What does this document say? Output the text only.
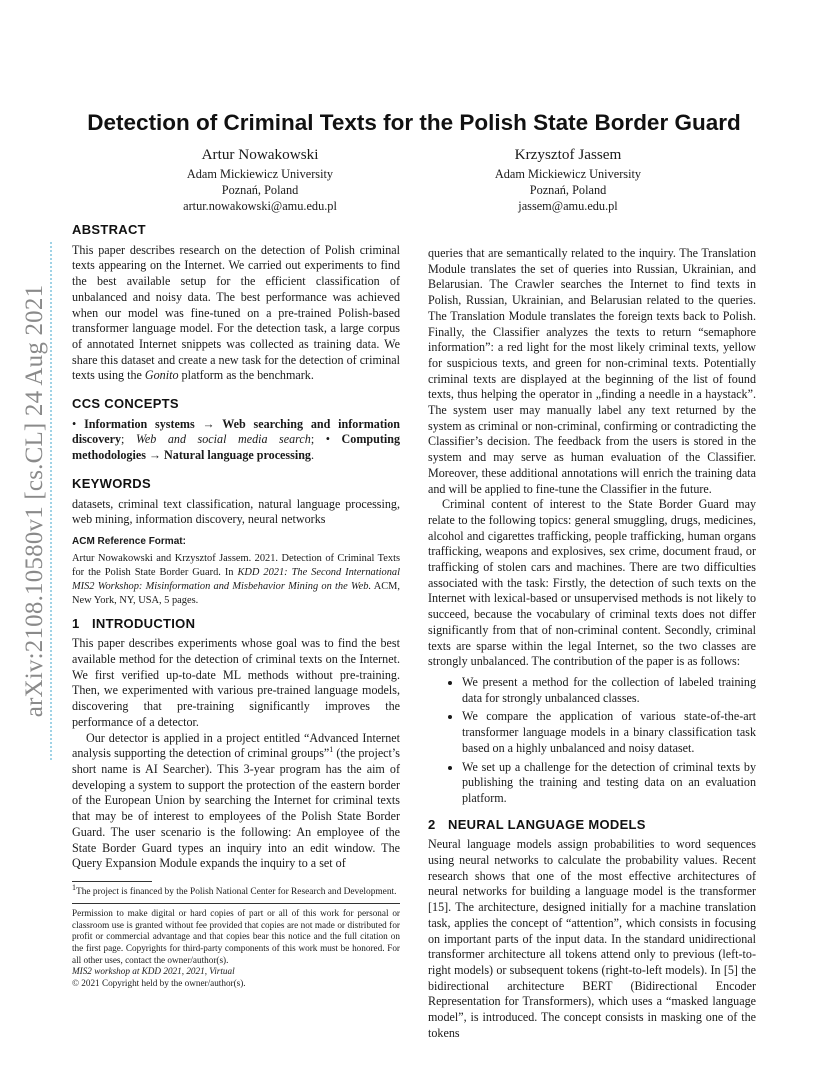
arXiv:2108.10580v1 [cs.CL] 24 Aug 2021
Detection of Criminal Texts for the Polish State Border Guard
Artur Nowakowski
Adam Mickiewicz University
Poznań, Poland
artur.nowakowski@amu.edu.pl
Krzysztof Jassem
Adam Mickiewicz University
Poznań, Poland
jassem@amu.edu.pl
ABSTRACT

This paper describes research on the detection of Polish criminal texts appearing on the Internet. We carried out experiments to find the best available setup for the efficient classification of unbalanced and noisy data. The best performance was achieved when our model was fine-tuned on a pre-trained Polish-based transformer language model. For the detection task, a large corpus of annotated Internet snippets was collected as training data. We share this dataset and create a new task for the detection of criminal texts using the Gonito platform as the benchmark.

CCS CONCEPTS

• Information systems → Web searching and information discovery; Web and social media search; • Computing methodologies → Natural language processing.

KEYWORDS

datasets, criminal text classification, natural language processing, web mining, information discovery, neural networks

ACM Reference Format:

Artur Nowakowski and Krzysztof Jassem. 2021. Detection of Criminal Texts for the Polish State Border Guard. In KDD 2021: The Second International MIS2 Workshop: Misinformation and Misbehavior Mining on the Web. ACM, New York, NY, USA, 5 pages.

1 INTRODUCTION

This paper describes experiments whose goal was to find the best available method for the detection of criminal texts on the Internet. We first verified up-to-date ML methods without pre-training. Then, we experimented with various pre-trained language models, discovering that pre-training significantly improves the performance of a detector.

Our detector is applied in a project entitled “Advanced Internet analysis supporting the detection of criminal groups”$^1$ (the project’s short name is AI Searcher). This 3-year program has the aim of developing a system to support the protection of the eastern border of the European Union by searching the Internet for criminal texts that may be of interest to employees of the Polish State Border Guard. The user scenario is the following: An employee of the State Border Guard types an inquiry into an edit window. The Query Expansion Module expands the inquiry to a set of

$^1$The project is financed by the Polish National Center for Research and Development.

Permission to make digital or hard copies of part or all of this work for personal or classroom use is granted without fee provided that copies are not made or distributed for profit or commercial advantage and that copies bear this notice and the full citation on the first page. Copyrights for third-party components of this work must be honored. For all other uses, contact the owner/author(s).

MIS2 workshop at KDD 2021, 2021, Virtual

© 2021 Copyright held by the owner/author(s).

queries that are semantically related to the inquiry. The Translation Module translates the set of queries into Russian, Ukrainian, and Belarusian. The Crawler searches the Internet to find texts in Polish, Russian, Ukrainian, and Belarusian related to the queries. The Translation Module translates the foreign texts back to Polish. Finally, the Classifier analyzes the texts to return “semaphore information”: a red light for the most likely criminal texts, yellow for suspicious texts, and green for non-criminal texts. Potentially criminal texts are displayed at the beginning of the list of found texts, thus helping the operator in „finding a needle in a haystack”. The system user may manually label any text returned by the system as criminal or non-criminal, confirming or contradicting the Classifier’s decision. The feedback from the users is stored in the system and may serve as human evaluation of the Classifier. Moreover, these additional annotations will enrich the training data and will be applied to fine-tune the Classifier in the future.

Criminal content of interest to the State Border Guard may relate to the following topics: general smuggling, drugs, medicines, alcohol and cigarettes trafficking, people trafficking, human organs trafficking, weapons and explosives, sex crime, document fraud, or trafficking of stolen cars and machines. There are two difficulties associated with the task: Firstly, the detection of such texts on the Internet with lexical-based or unsupervised methods is not likely to succeed, because the vocabulary of criminal texts does not differ significantly from that of non-criminal content. Secondly, criminal texts are sparse within the legal Internet, so the two classes are strongly unbalanced. The contribution of the paper is as follows:

• We present a method for the collection of labeled training data for strongly unbalanced classes.
• We compare the application of various state-of-the-art transformer language models in a binary classification task based on a highly unbalanced and noisy dataset.
• We set up a challenge for the detection of criminal texts by publishing the training and testing data on an evaluation platform.
2 NEURAL LANGUAGE MODELS

Neural language models assign probabilities to word sequences using neural networks to calculate the probability values. Recent research shows that one of the most effective architectures of neural networks for building a language model is the transformer [15]. The architecture, designed initially for a machine translation task, applies the concept of “attention”, which consists in focusing on important parts of the input data. In the standard unidirectional transformer architecture all tokens attend only to previous (left-to-right models) or subsequent tokens (right-to-left models). In [5] the bidirectional architecture BERT (Bidirectional Encoder Representation for Transformers), which uses a “masked language model”, is introduced. The concept consists in masking one of the tokens
